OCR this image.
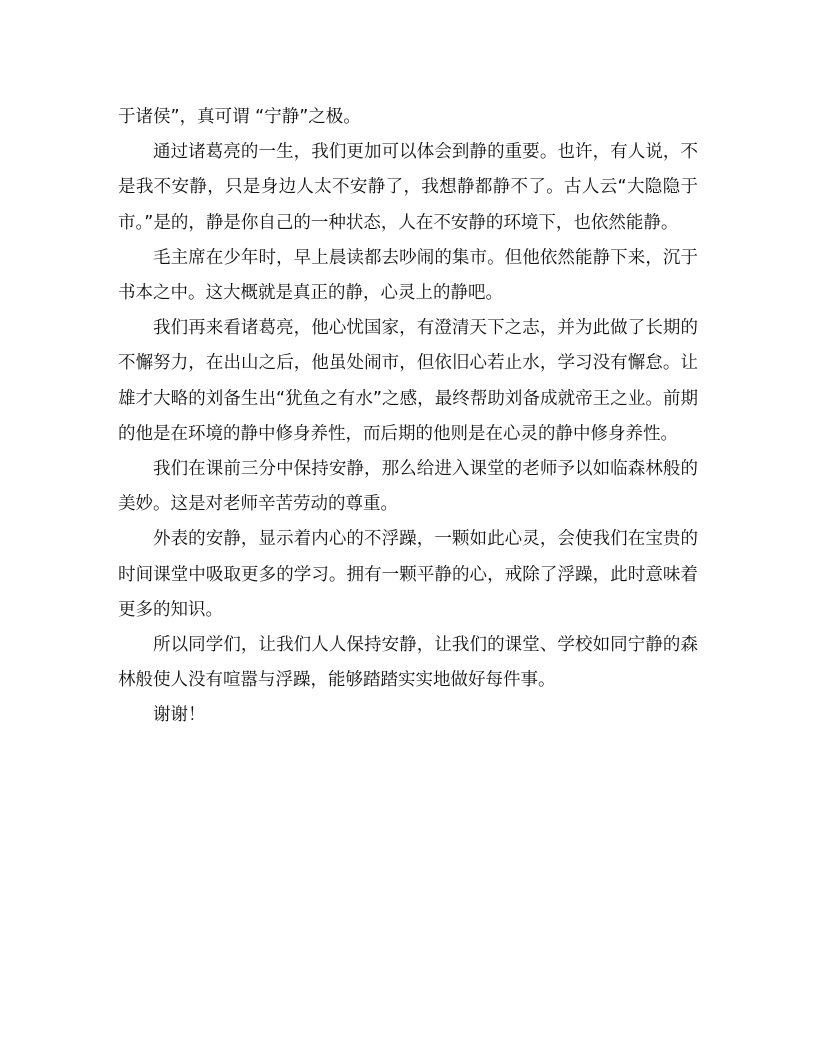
于诸侯”，真可谓 “宁静”之极。

通过诸葛亮的一生，我们更加可以体会到静的重要。也许，有人说，不是我不安静，只是身边人太不安静了，我想静都静不了。古人云“大隐隐于市。”是的，静是你自己的一种状态，人在不安静的环境下，也依然能静。

毛主席在少年时，早上晨读都去吵闹的集市。但他依然能静下来，沉于书本之中。这大概就是真正的静，心灵上的静吧。

我们再来看诸葛亮，他心忧国家，有澄清天下之志，并为此做了长期的不懈努力，在出山之后，他虽处闹市，但依旧心若止水，学习没有懈怠。让雄才大略的刘备生出“犹鱼之有水”之感，最终帮助刘备成就帝王之业。前期的他是在环境的静中修身养性，而后期的他则是在心灵的静中修身养性。

我们在课前三分中保持安静，那么给进入课堂的老师予以如临森林般的美妙。这是对老师辛苦劳动的尊重。

外表的安静，显示着内心的不浮躁，一颗如此心灵，会使我们在宝贵的时间课堂中吸取更多的学习。拥有一颗平静的心，戒除了浮躁，此时意味着更多的知识。

所以同学们，让我们人人保持安静，让我们的课堂、学校如同宁静的森林般使人没有喧嚣与浮躁，能够踏踏实实地做好每件事。

谢谢！
